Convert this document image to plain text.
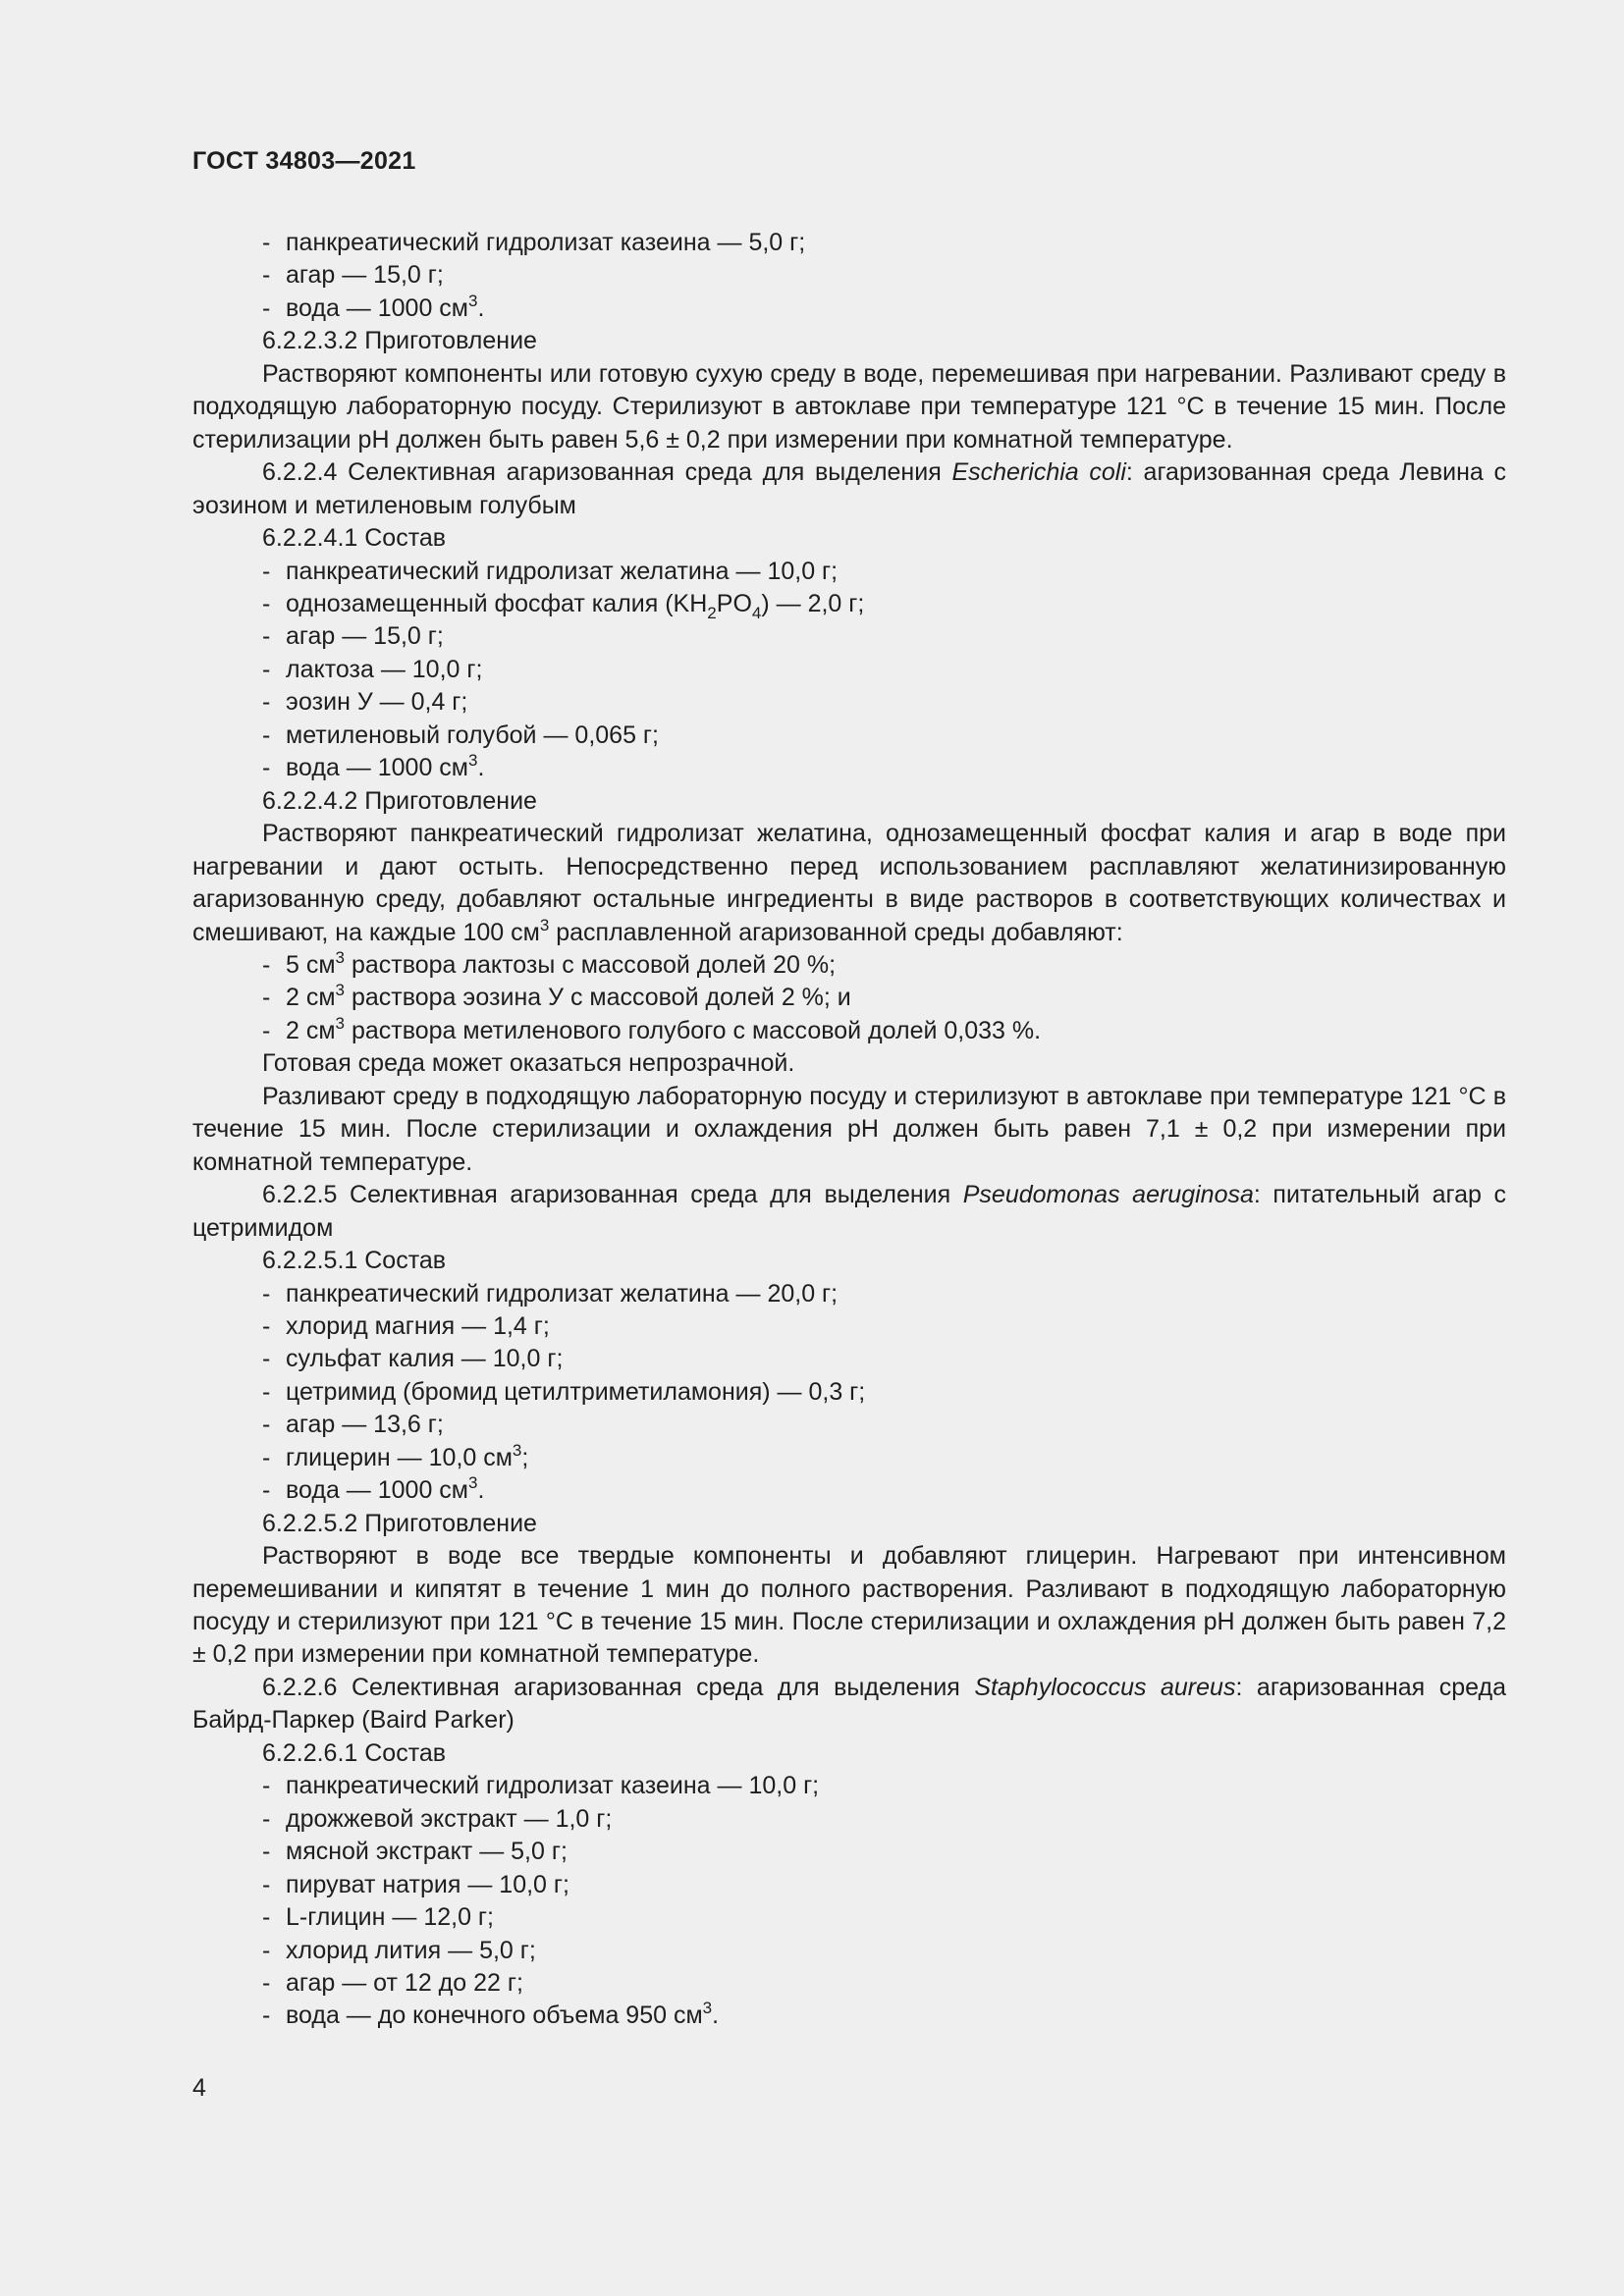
ГОСТ 34803—2021

- панкреатический гидролизат казеина — 5,0 г;

- агар — 15,0 г;

- вода — 1000 $см^3$.

6.2.2.3.2 Приготовление

Растворяют компоненты или готовую сухую среду в воде, перемешивая при нагревании. Разливают среду в подходящую лабораторную посуду. Стерилизуют в автоклаве при температуре 121 °С в течение 15 мин. После стерилизации рН должен быть равен 5,6 ± 0,2 при измерении при комнатной температуре.

6.2.2.4 Селективная агаризованная среда для выделения Escherichia coli: агаризованная среда Левина с эозином и метиленовым голубым

6.2.2.4.1 Состав

- панкреатический гидролизат желатина — 10,0 г;

- однозамещенный фосфат калия $(KH_2PO_4)$ — 2,0 г;

- агар — 15,0 г;

- лактоза — 10,0 г;

- эозин У — 0,4 г;

- метиленовый голубой — 0,065 г;

- вода — 1000 $см^3$.

6.2.2.4.2 Приготовление

Растворяют панкреатический гидролизат желатина, однозамещенный фосфат калия и агар в воде при нагревании и дают остыть. Непосредственно перед использованием расплавляют желатинизированную агаризованную среду, добавляют остальные ингредиенты в виде растворов в соответствующих количествах и смешивают, на каждые 100 $см^3$ расплавленной агаризованной среды добавляют:

- 5 $см^3$ раствора лактозы с массовой долей 20 %;

- 2 $см^3$ раствора эозина У с массовой долей 2 %; и

- 2 $см^3$ раствора метиленового голубого с массовой долей 0,033 %.

Готовая среда может оказаться непрозрачной.

Разливают среду в подходящую лабораторную посуду и стерилизуют в автоклаве при температуре 121 °С в течение 15 мин. После стерилизации и охлаждения рН должен быть равен 7,1 ± 0,2 при измерении при комнатной температуре.

6.2.2.5 Селективная агаризованная среда для выделения Pseudomonas aeruginosa: питательный агар с цетримидом

6.2.2.5.1 Состав

- панкреатический гидролизат желатина — 20,0 г;

- хлорид магния — 1,4 г;

- сульфат калия — 10,0 г;

- цетримид (бромид цетилтриметиламония) — 0,3 г;

- агар — 13,6 г;

- глицерин — 10,0 $см^3$;

- вода — 1000 $см^3$.

6.2.2.5.2 Приготовление

Растворяют в воде все твердые компоненты и добавляют глицерин. Нагревают при интенсивном перемешивании и кипятят в течение 1 мин до полного растворения. Разливают в подходящую лабораторную посуду и стерилизуют при 121 °С в течение 15 мин. После стерилизации и охлаждения рН должен быть равен 7,2 ± 0,2 при измерении при комнатной температуре.

6.2.2.6 Селективная агаризованная среда для выделения Staphylococcus aureus: агаризованная среда Байрд-Паркер (Baird Parker)

6.2.2.6.1 Состав

- панкреатический гидролизат казеина — 10,0 г;

- дрожжевой экстракт — 1,0 г;

- мясной экстракт — 5,0 г;

- пируват натрия — 10,0 г;

- L-глицин — 12,0 г;

- хлорид лития — 5,0 г;

- агар — от 12 до 22 г;

- вода — до конечного объема 950 $см^3$.

4
